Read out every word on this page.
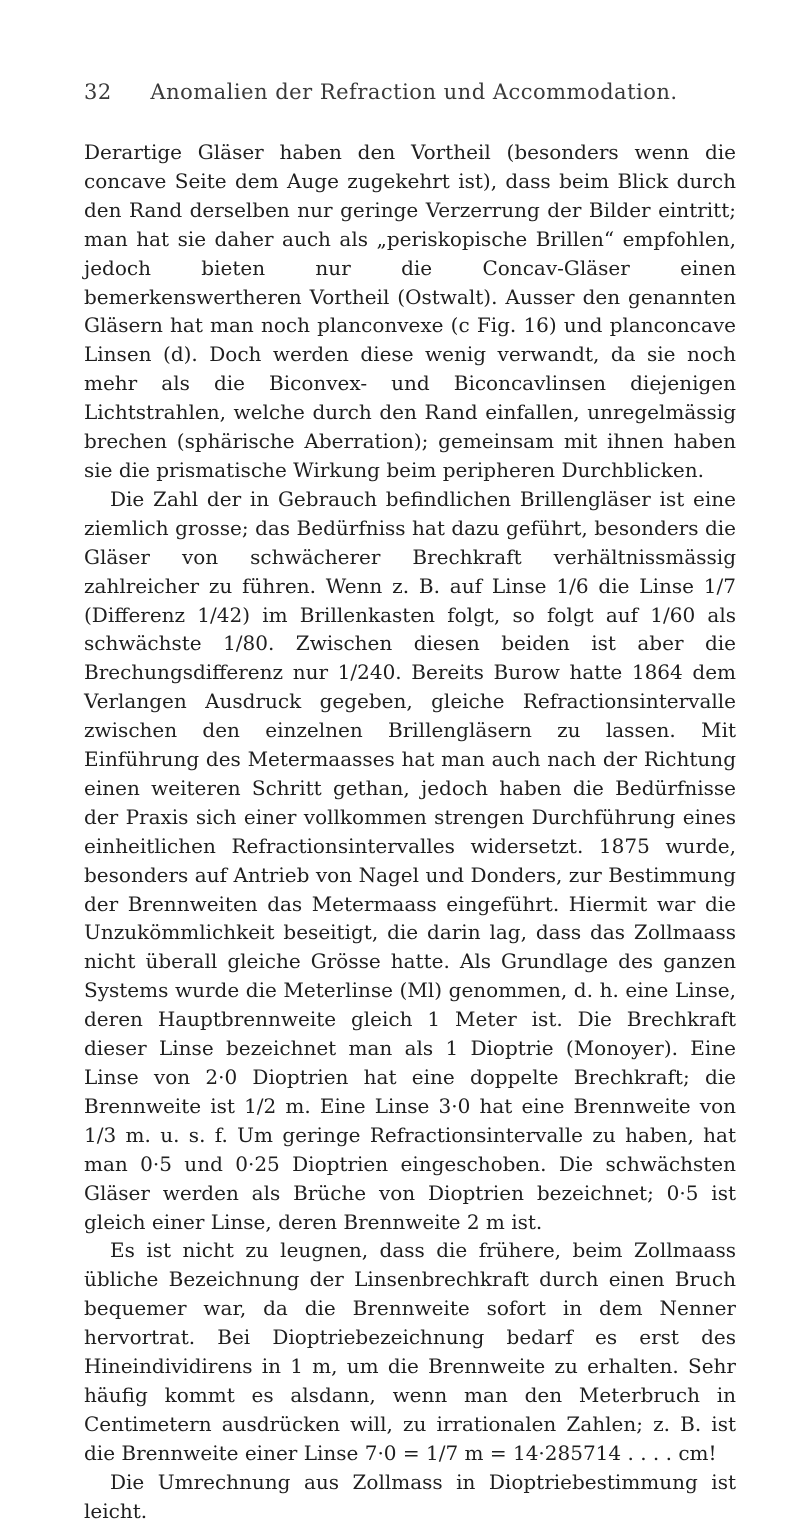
32	Anomalien der Refraction und Accommodation.

Derartige Gläser haben den Vortheil (besonders wenn die concave Seite dem Auge zugekehrt ist), dass beim Blick durch den Rand derselben nur geringe Verzerrung der Bilder eintritt; man hat sie daher auch als „periskopische Brillen“ empfohlen, jedoch bieten nur die Concav-Gläser einen bemerkenswertheren Vortheil (Ostwalt). Ausser den genannten Gläsern hat man noch planconvexe (c Fig. 16) und planconcave Linsen (d). Doch werden diese wenig verwandt, da sie noch mehr als die Biconvex- und Biconcavlinsen diejenigen Lichtstrahlen, welche durch den Rand einfallen, unregelmässig brechen (sphärische Aberration); gemeinsam mit ihnen haben sie die prismatische Wirkung beim peripheren Durchblicken.

Die Zahl der in Gebrauch befindlichen Brillengläser ist eine ziemlich grosse; das Bedürfniss hat dazu geführt, besonders die Gläser von schwächerer Brechkraft verhältnissmässig zahlreicher zu führen. Wenn z. B. auf Linse 1/6 die Linse 1/7 (Differenz 1/42) im Brillenkasten folgt, so folgt auf 1/60 als schwächste 1/80. Zwischen diesen beiden ist aber die Brechungsdifferenz nur 1/240. Bereits Burow hatte 1864 dem Verlangen Ausdruck gegeben, gleiche Refractionsintervalle zwischen den einzelnen Brillengläsern zu lassen. Mit Einführung des Metermaasses hat man auch nach der Richtung einen weiteren Schritt gethan, jedoch haben die Bedürfnisse der Praxis sich einer vollkommen strengen Durchführung eines einheitlichen Refractionsintervalles widersetzt. 1875 wurde, besonders auf Antrieb von Nagel und Donders, zur Bestimmung der Brennweiten das Metermaass eingeführt. Hiermit war die Unzukömmlichkeit beseitigt, die darin lag, dass das Zollmaass nicht überall gleiche Grösse hatte. Als Grundlage des ganzen Systems wurde die Meterlinse (Ml) genommen, d. h. eine Linse, deren Hauptbrennweite gleich 1 Meter ist. Die Brechkraft dieser Linse bezeichnet man als 1 Dioptrie (Monoyer). Eine Linse von 2·0 Dioptrien hat eine doppelte Brechkraft; die Brennweite ist 1/2 m. Eine Linse 3·0 hat eine Brennweite von 1/3 m. u. s. f. Um geringe Refractionsintervalle zu haben, hat man 0·5 und 0·25 Dioptrien eingeschoben. Die schwächsten Gläser werden als Brüche von Dioptrien bezeichnet; 0·5 ist gleich einer Linse, deren Brennweite 2 m ist.

Es ist nicht zu leugnen, dass die frühere, beim Zollmaass übliche Bezeichnung der Linsenbrechkraft durch einen Bruch bequemer war, da die Brennweite sofort in dem Nenner hervortrat. Bei Dioptriebezeichnung bedarf es erst des Hineindividirens in 1 m, um die Brennweite zu erhalten. Sehr häufig kommt es alsdann, wenn man den Meterbruch in Centimetern ausdrücken will, zu irrationalen Zahlen; z. B. ist die Brennweite einer Linse 7·0 = 1/7 m = 14·285714 . . . . cm!

Die Umrechnung aus Zollmass in Dioptriebestimmung ist leicht.
